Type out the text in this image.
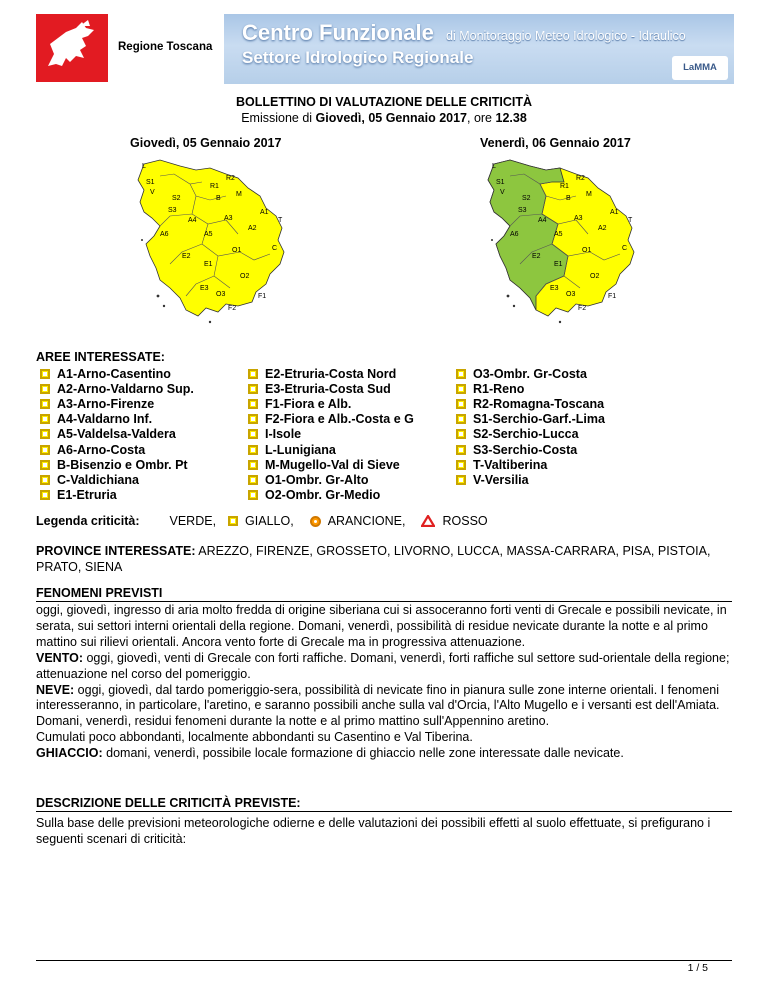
Regione Toscana
Centro Funzionale di Monitoraggio Meteo Idrologico - Idraulico
Settore Idrologico Regionale
LaMMA
BOLLETTINO DI VALUTAZIONE DELLE CRITICITÀ
Emissione di Giovedì, 05 Gennaio 2017, ore 12.38
Giovedì, 05 Gennaio 2017	Venerdì, 06 Gennaio 2017
L
S1
V
S2
S3
R1
R2
B
M
A4	A3
A1
T
A6	A5
A2
O1	C
E2
E1
O2
E3
O3	F1
F2
L
S1
V
S2
S3
R1
R2
B
M
A4	A3
A1
T
A6	A5
A2
O1	C
E2
E1
O2
E3
O3	F1
F2
AREE INTERESSATE:
A1-Arno-Casentino
A2-Arno-Valdarno Sup.
A3-Arno-Firenze
A4-Valdarno Inf.
A5-Valdelsa-Valdera
A6-Arno-Costa
B-Bisenzio e Ombr. Pt
C-Valdichiana
E1-Etruria
E2-Etruria-Costa Nord
E3-Etruria-Costa Sud
F1-Fiora e Alb.
F2-Fiora e Alb.-Costa e G
I-Isole
L-Lunigiana
M-Mugello-Val di Sieve
O1-Ombr. Gr-Alto
O2-Ombr. Gr-Medio
O3-Ombr. Gr-Costa
R1-Reno
R2-Romagna-Toscana
S1-Serchio-Garf.-Lima
S2-Serchio-Lucca
S3-Serchio-Costa
T-Valtiberina
V-Versilia
Legenda criticità: VERDE, GIALLO,	ARANCIONE,	ROSSO
PROVINCE INTERESSATE: AREZZO, FIRENZE, GROSSETO, LIVORNO, LUCCA, MASSA-CARRARA, PISA, PISTOIA, PRATO, SIENA
FENOMENI PREVISTI

oggi, giovedì, ingresso di aria molto fredda di origine siberiana cui si assoceranno forti venti di Grecale e possibili nevicate, in serata, sui settori interni orientali della regione. Domani, venerdì, possibilità di residue nevicate durante la notte e al primo mattino sui rilievi orientali. Ancora vento forte di Grecale ma in progressiva attenuazione.

VENTO: oggi, giovedì, venti di Grecale con forti raffiche. Domani, venerdì, forti raffiche sul settore sud-orientale della regione; attenuazione nel corso del pomeriggio.

NEVE: oggi, giovedì, dal tardo pomeriggio-sera, possibilità di nevicate fino in pianura sulle zone interne orientali. I fenomeni interesseranno, in particolare, l'aretino, e saranno possibili anche sulla val d'Orcia, l'Alto Mugello e i versanti est dell'Amiata. Domani, venerdì, residui fenomeni durante la notte e al primo mattino sull'Appennino aretino.

Cumulati poco abbondanti, localmente abbondanti su Casentino e Val Tiberina.

GHIACCIO: domani, venerdì, possibile locale formazione di ghiaccio nelle zone interessate dalle nevicate.

DESCRIZIONE DELLE CRITICITÀ PREVISTE:
Sulla base delle previsioni meteorologiche odierne e delle valutazioni dei possibili effetti al suolo effettuate, si prefigurano i seguenti scenari di criticità:
1 / 5
